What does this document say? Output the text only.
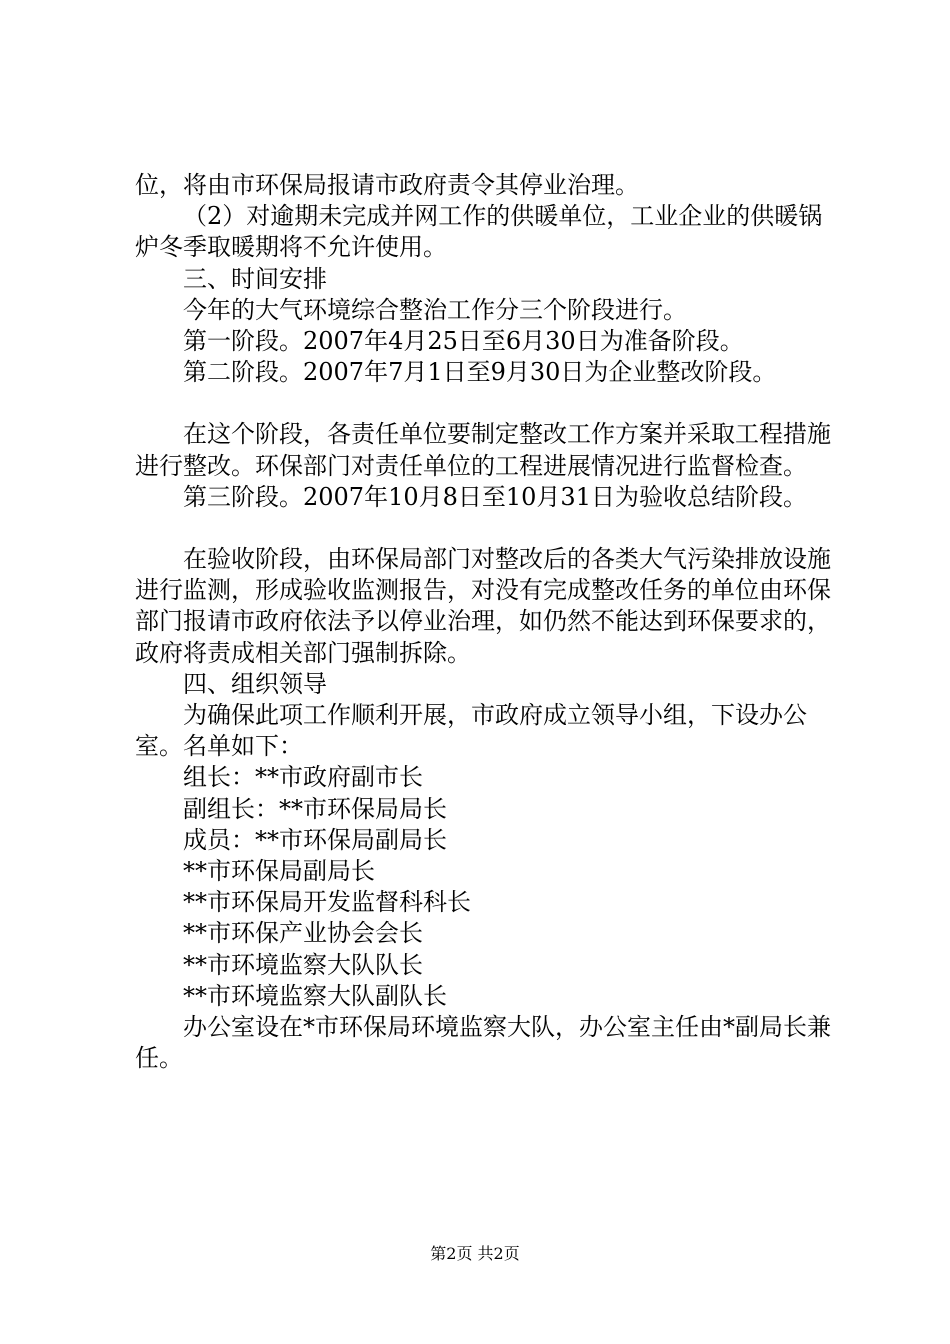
位，将由市环保局报请市政府责令其停业治理。

（2）对逾期未完成并网工作的供暖单位，工业企业的供暖锅炉冬季取暖期将不允许使用。

三、时间安排

今年的大气环境综合整治工作分三个阶段进行。

第一阶段。2007年4月25日至6月30日为准备阶段。

第二阶段。2007年7月1日至9月30日为企业整改阶段。

在这个阶段，各责任单位要制定整改工作方案并采取工程措施进行整改。环保部门对责任单位的工程进展情况进行监督检查。

第三阶段。2007年10月8日至10月31日为验收总结阶段。

在验收阶段，由环保局部门对整改后的各类大气污染排放设施进行监测，形成验收监测报告，对没有完成整改任务的单位由环保部门报请市政府依法予以停业治理，如仍然不能达到环保要求的，政府将责成相关部门强制拆除。

四、组织领导

为确保此项工作顺利开展，市政府成立领导小组，下设办公室。名单如下：

组长：**市政府副市长

副组长：**市环保局局长

成员：**市环保局副局长

**市环保局副局长

**市环保局开发监督科科长

**市环保产业协会会长

**市环境监察大队队长

**市环境监察大队副队长

办公室设在*市环保局环境监察大队，办公室主任由*副局长兼任。

第2页 共2页
